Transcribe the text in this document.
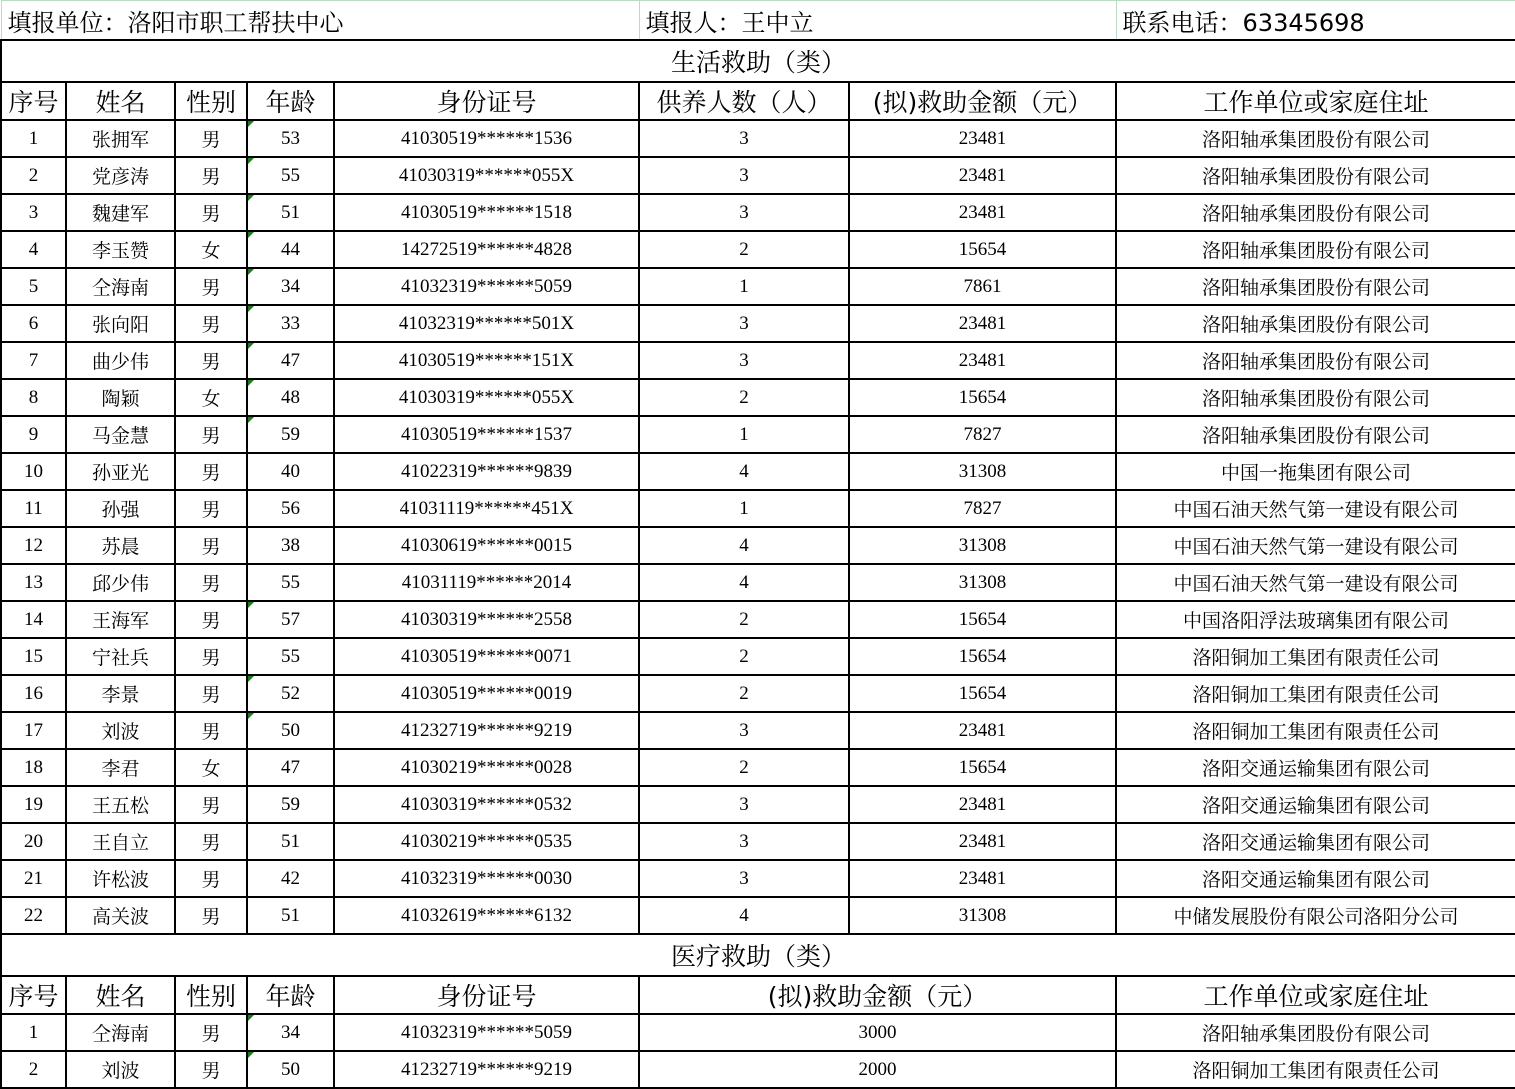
填报单位：洛阳市职工帮扶中心					填报人：王中立		联系电话：63345698
生活救助（类）							
序号	姓名	性别	年龄	身份证号	供养人数（人）	(拟)救助金额（元）	工作单位或家庭住址
1	张拥军	男	53	41030519******1536	3	23481	洛阳轴承集团股份有限公司
2	党彦涛	男	55	41030319******055X	3	23481	洛阳轴承集团股份有限公司
3	魏建军	男	51	41030519******1518	3	23481	洛阳轴承集团股份有限公司
4	李玉赞	女	44	14272519******4828	2	15654	洛阳轴承集团股份有限公司
5	仝海南	男	34	41032319******5059	1	7861	洛阳轴承集团股份有限公司
6	张向阳	男	33	41032319******501X	3	23481	洛阳轴承集团股份有限公司
7	曲少伟	男	47	41030519******151X	3	23481	洛阳轴承集团股份有限公司
8	陶颖	女	48	41030319******055X	2	15654	洛阳轴承集团股份有限公司
9	马金慧	男	59	41030519******1537	1	7827	洛阳轴承集团股份有限公司
10	孙亚光	男	40	41022319******9839	4	31308	中国一拖集团有限公司
11	孙强	男	56	41031119******451X	1	7827	中国石油天然气第一建设有限公司
12	苏晨	男	38	41030619******0015	4	31308	中国石油天然气第一建设有限公司
13	邱少伟	男	55	41031119******2014	4	31308	中国石油天然气第一建设有限公司
14	王海军	男	57	41030319******2558	2	15654	中国洛阳浮法玻璃集团有限公司
15	宁社兵	男	55	41030519******0071	2	15654	洛阳铜加工集团有限责任公司
16	李景	男	52	41030519******0019	2	15654	洛阳铜加工集团有限责任公司
17	刘波	男	50	41232719******9219	3	23481	洛阳铜加工集团有限责任公司
18	李君	女	47	41030219******0028	2	15654	洛阳交通运输集团有限公司
19	王五松	男	59	41030319******0532	3	23481	洛阳交通运输集团有限公司
20	王自立	男	51	41030219******0535	3	23481	洛阳交通运输集团有限公司
21	许松波	男	42	41032319******0030	3	23481	洛阳交通运输集团有限公司
22	高关波	男	51	41032619******6132	4	31308	中储发展股份有限公司洛阳分公司
医疗救助（类）							
序号	姓名	性别	年龄	身份证号	(拟)救助金额（元）		工作单位或家庭住址
1	仝海南	男	34	41032319******5059	3000		洛阳轴承集团股份有限公司
2	刘波	男	50	41232719******9219	2000		洛阳铜加工集团有限责任公司
